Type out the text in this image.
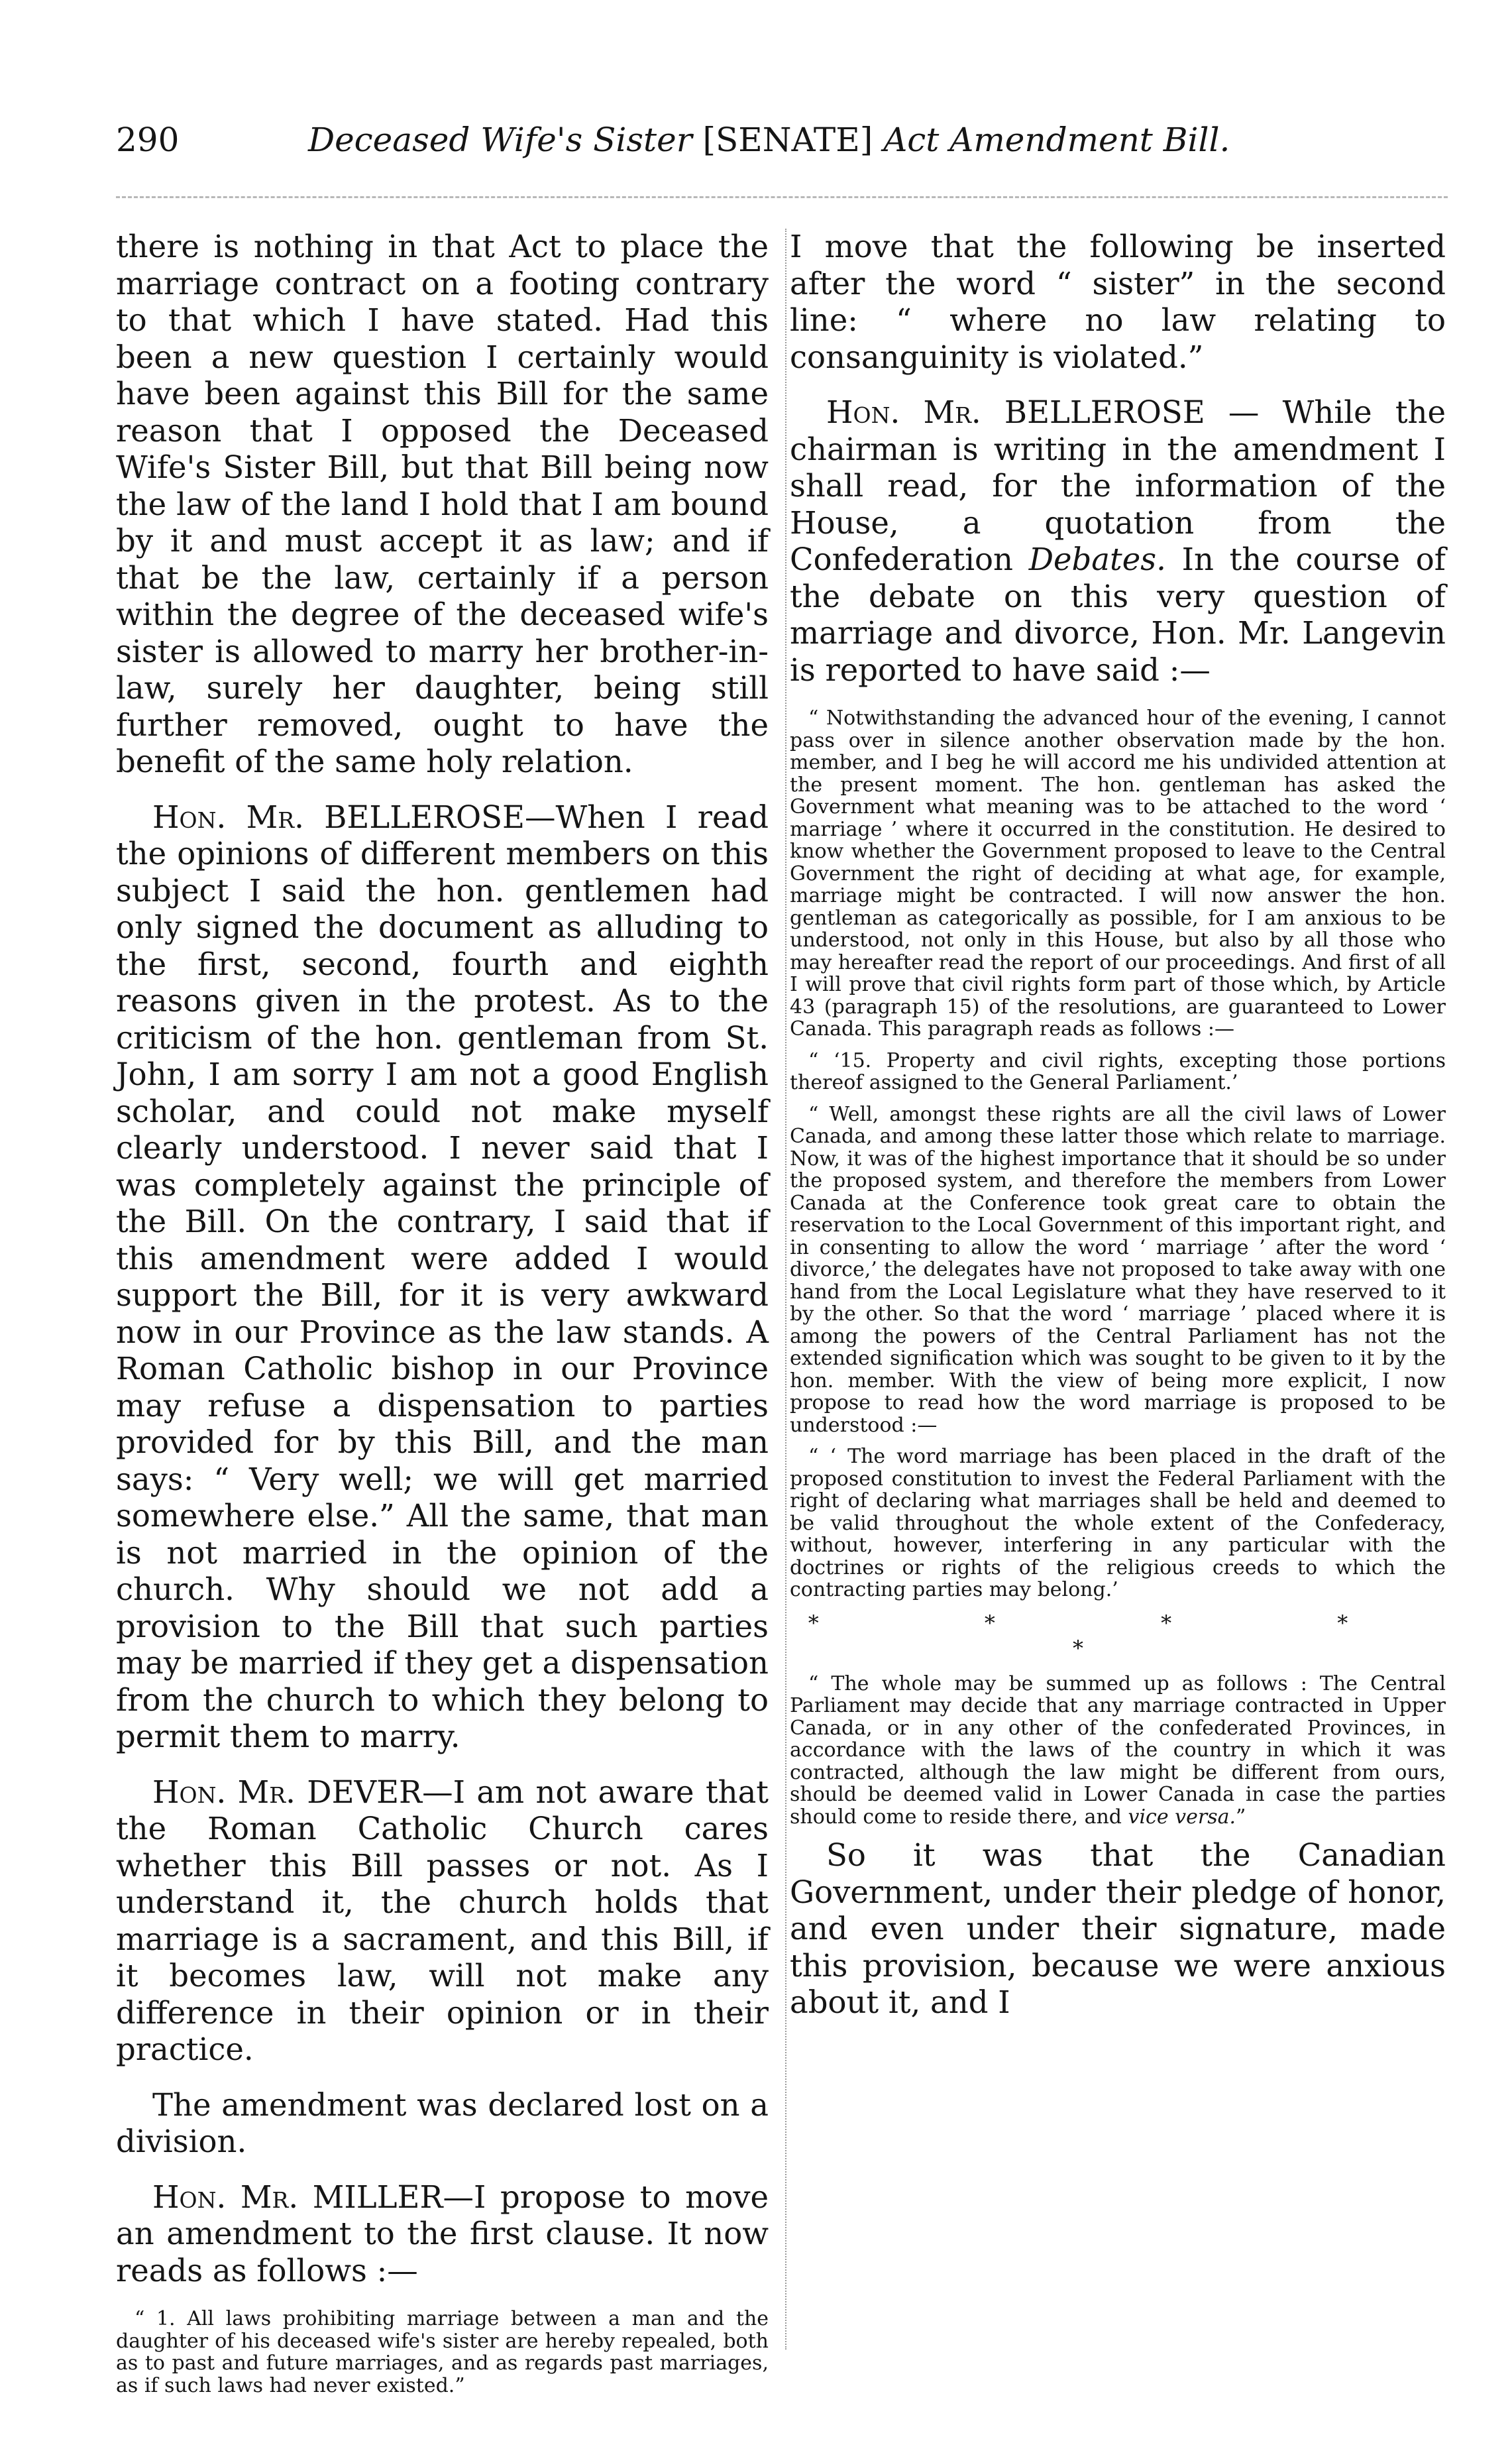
290	Deceased Wife's Sister [SENATE] Act Amendment Bill.

there is nothing in that Act to place the marriage contract on a footing contrary to that which I have stated. Had this been a new question I certainly would have been against this Bill for the same reason that I opposed the Deceased Wife's Sister Bill, but that Bill being now the law of the land I hold that I am bound by it and must accept it as law; and if that be the law, certainly if a person within the degree of the deceased wife's sister is allowed to marry her brother-in-law, surely her daughter, being still further removed, ought to have the benefit of the same holy relation.

Hon. Mr. BELLEROSE—When I read the opinions of different members on this subject I said the hon. gentlemen had only signed the document as alluding to the first, second, fourth and eighth reasons given in the protest. As to the criticism of the hon. gentleman from St. John, I am sorry I am not a good English scholar, and could not make myself clearly understood. I never said that I was completely against the principle of the Bill. On the contrary, I said that if this amendment were added I would support the Bill, for it is very awkward now in our Province as the law stands. A Roman Catholic bishop in our Province may refuse a dispensation to parties provided for by this Bill, and the man says: “ Very well; we will get married somewhere else.” All the same, that man is not married in the opinion of the church. Why should we not add a provision to the Bill that such parties may be married if they get a dispensation from the church to which they belong to permit them to marry.

Hon. Mr. DEVER—I am not aware that the Roman Catholic Church cares whether this Bill passes or not. As I understand it, the church holds that marriage is a sacrament, and this Bill, if it becomes law, will not make any difference in their opinion or in their practice.

The amendment was declared lost on a division.

Hon. Mr. MILLER—I propose to move an amendment to the first clause. It now reads as follows :—

“ 1. All laws prohibiting marriage between a man and the daughter of his deceased wife's sister are hereby repealed, both as to past and future marriages, and as regards past marriages, as if such laws had never existed.”

I move that the following be inserted after the word “ sister” in the second line: “ where no law relating to consanguinity is violated.”

Hon. Mr. BELLEROSE — While the chairman is writing in the amendment I shall read, for the information of the House, a quotation from the Confederation Debates. In the course of the debate on this very question of marriage and divorce, Hon. Mr. Langevin is reported to have said :—

“ Notwithstanding the advanced hour of the evening, I cannot pass over in silence another observation made by the hon. member, and I beg he will accord me his undivided attention at the present moment. The hon. gentleman has asked the Government what meaning was to be attached to the word ‘ marriage ’ where it occurred in the constitution. He desired to know whether the Government proposed to leave to the Central Government the right of deciding at what age, for example, marriage might be contracted. I will now answer the hon. gentleman as categorically as possible, for I am anxious to be understood, not only in this House, but also by all those who may hereafter read the report of our proceedings. And first of all I will prove that civil rights form part of those which, by Article 43 (paragraph 15) of the resolutions, are guaranteed to Lower Canada. This paragraph reads as follows :—

“ ‘15. Property and civil rights, excepting those portions thereof assigned to the General Parliament.’

“ Well, amongst these rights are all the civil laws of Lower Canada, and among these latter those which relate to marriage. Now, it was of the highest importance that it should be so under the proposed system, and therefore the members from Lower Canada at the Conference took great care to obtain the reservation to the Local Government of this important right, and in consenting to allow the word ‘ marriage ’ after the word ‘ divorce,’ the delegates have not proposed to take away with one hand from the Local Legislature what they have reserved to it by the other. So that the word ‘ marriage ’ placed where it is among the powers of the Central Parliament has not the extended signification which was sought to be given to it by the hon. member. With the view of being more explicit, I now propose to read how the word marriage is proposed to be understood :—

“ ‘ The word marriage has been placed in the draft of the proposed constitution to invest the Federal Parliament with the right of declaring what marriages shall be held and deemed to be valid throughout the whole extent of the Confederacy, without, however, interfering in any particular with the doctrines or rights of the religious creeds to which the contracting parties may belong.’

* * * * *

“ The whole may be summed up as follows : The Central Parliament may decide that any marriage contracted in Upper Canada, or in any other of the confederated Provinces, in accordance with the laws of the country in which it was contracted, although the law might be different from ours, should be deemed valid in Lower Canada in case the parties should come to reside there, and vice versa.”

So it was that the Canadian Government, under their pledge of honor, and even under their signature, made this provision, because we were anxious about it, and I
